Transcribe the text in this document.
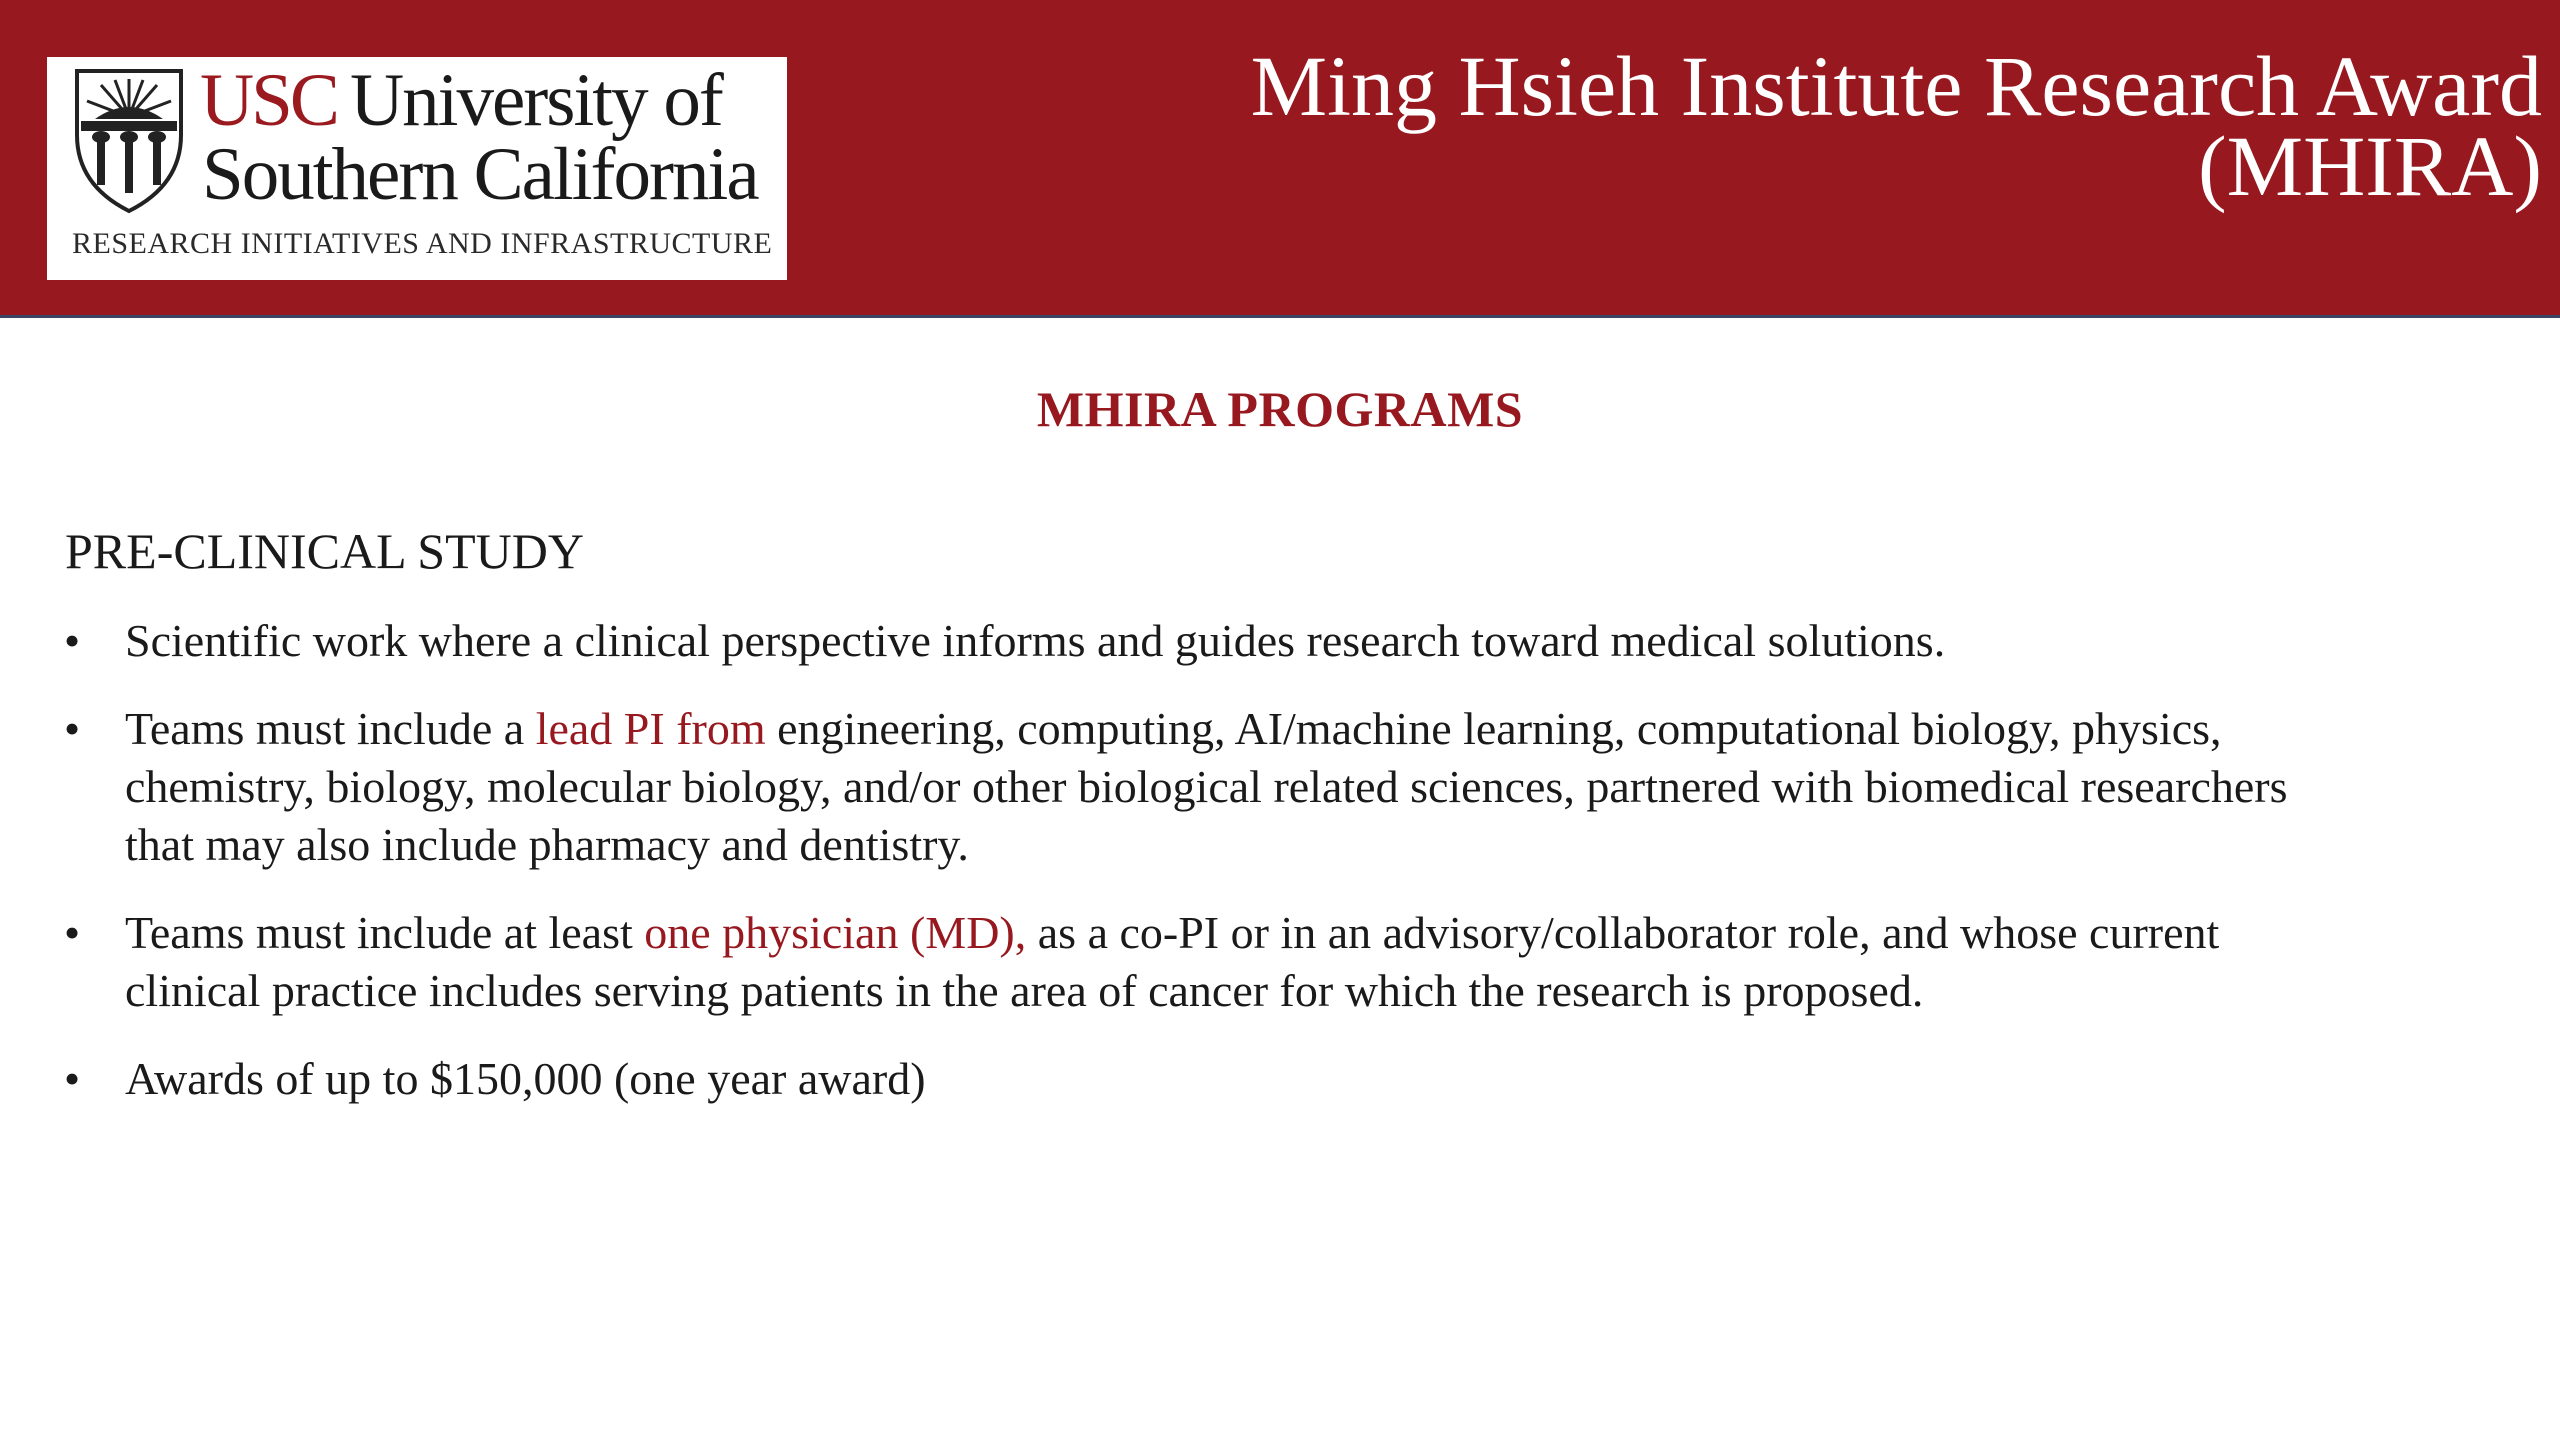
USC University of
Southern California
RESEARCH INITIATIVES AND INFRASTRUCTURE
Ming Hsieh Institute Research Award
(MHIRA)
MHIRA PROGRAMS
PRE-CLINICAL STUDY
• Scientific work where a clinical perspective informs and guides research toward medical solutions.
• Teams must include a lead PI from engineering, computing, AI/machine learning, computational biology, physics, chemistry, biology, molecular biology, and/or other biological related sciences, partnered with biomedical researchers that may also include pharmacy and dentistry.
• Teams must include at least one physician (MD), as a co-PI or in an advisory/collaborator role, and whose current clinical practice includes serving patients in the area of cancer for which the research is proposed.
• Awards of up to $150,000 (one year award)
